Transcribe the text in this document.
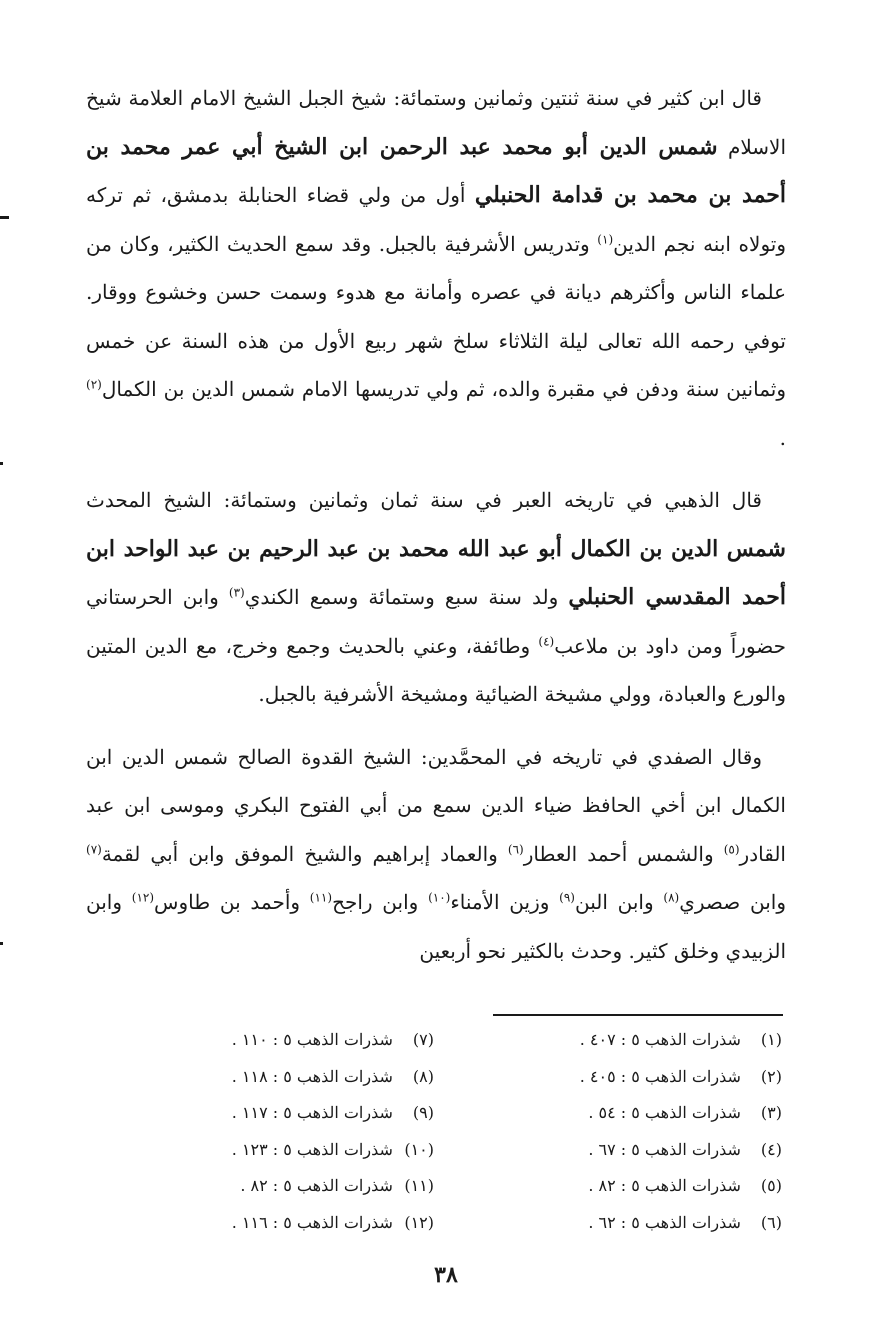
قال ابن كثير في سنة ثنتين وثمانين وستمائة: شيخ الجبل الشيخ الامام العلامة شيخ الاسلام شمس الدين أبو محمد عبد الرحمن ابن الشيخ أبي عمر محمد بن أحمد بن محمد بن قدامة الحنبلي أول من ولي قضاء الحنابلة بدمشق، ثم تركه وتولاه ابنه نجم الدين$^{(١)}$ وتدريس الأشرفية بالجبل. وقد سمع الحديث الكثير، وكان من علماء الناس وأكثرهم ديانة في عصره وأمانة مع هدوء وسمت حسن وخشوع ووقار. توفي رحمه الله تعالى ليلة الثلاثاء سلخ شهر ربيع الأول من هذه السنة عن خمس وثمانين سنة ودفن في مقبرة والده، ثم ولي تدريسها الامام شمس الدين بن الكمال$^{(٢)}$ .

قال الذهبي في تاريخه العبر في سنة ثمان وثمانين وستمائة: الشيخ المحدث شمس الدين بن الكمال أبو عبد الله محمد بن عبد الرحيم بن عبد الواحد ابن أحمد المقدسي الحنبلي ولد سنة سبع وستمائة وسمع الكندي$^{(٣)}$ وابن الحرستاني حضوراً ومن داود بن ملاعب$^{(٤)}$ وطائفة، وعني بالحديث وجمع وخرج، مع الدين المتين والورع والعبادة، وولي مشيخة الضيائية ومشيخة الأشرفية بالجبل.

وقال الصفدي في تاريخه في المحمَّدين: الشيخ القدوة الصالح شمس الدين ابن الكمال ابن أخي الحافظ ضياء الدين سمع من أبي الفتوح البكري وموسى ابن عبد القادر$^{(٥)}$ والشمس أحمد العطار$^{(٦)}$ والعماد إبراهيم والشيخ الموفق وابن أبي لقمة$^{(٧)}$ وابن صصري$^{(٨)}$ وابن البن$^{(٩)}$ وزين الأمناء$^{(١٠)}$ وابن راجح$^{(١١)}$ وأحمد بن طاوس$^{(١٢)}$ وابن الزبيدي وخلق كثير. وحدث بالكثير نحو أربعين

(١) شذرات الذهب ٥ : ٤٠٧ .
(٢) شذرات الذهب ٥ : ٤٠٥ .
(٣) شذرات الذهب ٥ : ٥٤ .
(٤) شذرات الذهب ٥ : ٦٧ .
(٥) شذرات الذهب ٥ : ٨٢ .
(٦) شذرات الذهب ٥ : ٦٢ .
(٧) شذرات الذهب ٥ : ١١٠ .
(٨) شذرات الذهب ٥ : ١١٨ .
(٩) شذرات الذهب ٥ : ١١٧ .
(١٠) شذرات الذهب ٥ : ١٢٣ .
(١١) شذرات الذهب ٥ : ٨٢ .
(١٢) شذرات الذهب ٥ : ١١٦ .
٣٨
